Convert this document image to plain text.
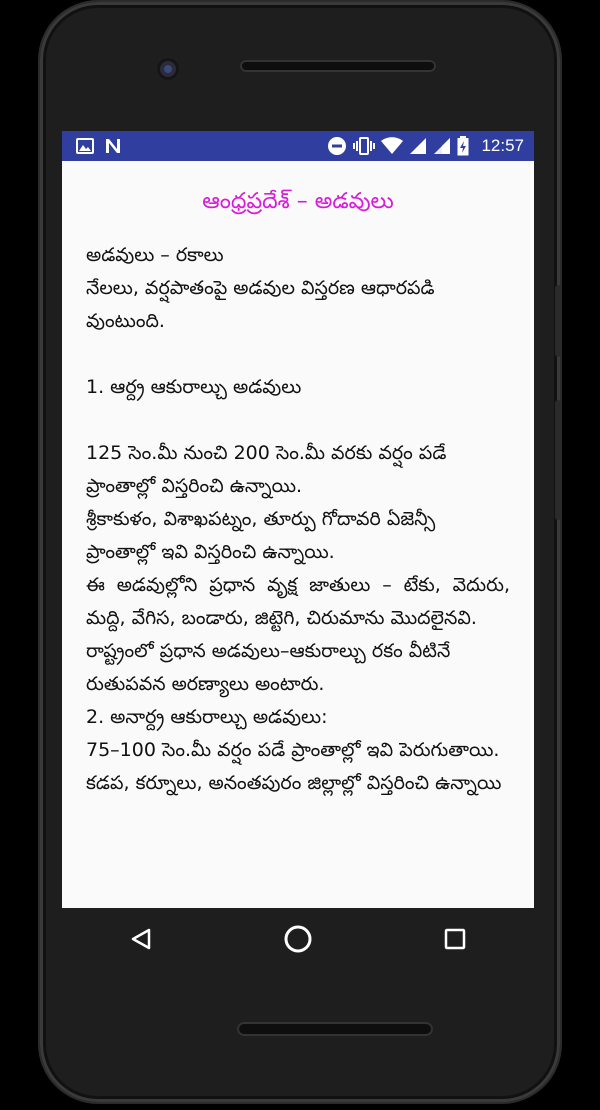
12:57
ఆంధ్రప్రదేశ్ – అడవులు

అడవులు – రకాలు

నేలలు, వర్షపాతంపై అడవుల విస్తరణ ఆధారపడి వుంటుంది.

1. ఆర్ద్ర ఆకురాల్చు అడవులు

125 సెం.మీ నుంచి 200 సెం.మీ వరకు వర్షం పడే ప్రాంతాల్లో విస్తరించి ఉన్నాయి.

శ్రీకాకుళం, విశాఖపట్నం, తూర్పు గోదావరి ఏజెన్సీ ప్రాంతాల్లో ఇవి విస్తరించి ఉన్నాయి.

ఈ అడవుల్లోని ప్రధాన వృక్ష జాతులు – టేకు, వెదురు, మద్ది, వేగిస, బండారు, జిట్టెగి, చిరుమాను మొదలైనవి.

రాష్ట్రంలో ప్రధాన అడవులు–ఆకురాల్చు రకం వీటినే రుతుపవన అరణ్యాలు అంటారు.

2. అనార్ద్ర ఆకురాల్చు అడవులు:

75–100 సెం.మీ వర్షం పడే ప్రాంతాల్లో ఇవి పెరుగుతాయి.

కడప, కర్నూలు, అనంతపురం జిల్లాల్లో విస్తరించి ఉన్నాయి
